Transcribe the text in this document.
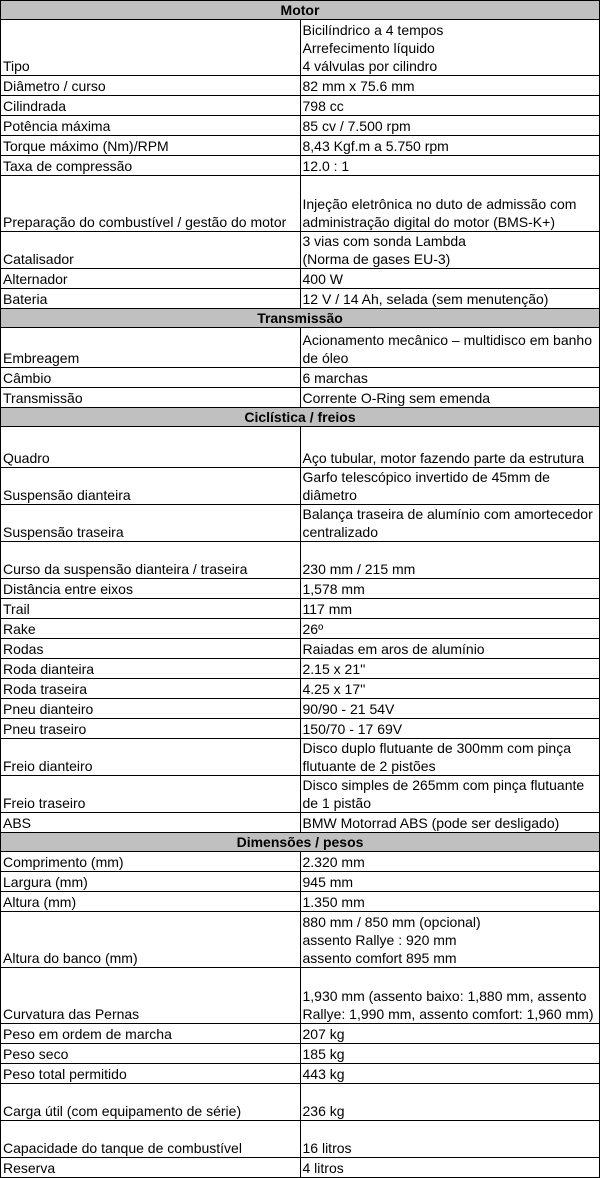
Motor	
Tipo	Bicilíndrico a 4 tempos
Arrefecimento líquido
4 válvulas por cilindro

Diâmetro / curso	82 mm x 75.6 mm

Cilindrada	798 cc

Potência máxima	85 cv / 7.500 rpm

Torque máximo (Nm)/RPM	8,43 Kgf.m a 5.750 rpm

Taxa de compressão	12.0 : 1

Preparação do combustível / gestão do motor	Injeção eletrônica no duto de admissão com administração digital do motor (BMS-K+)

Catalisador	3 vias com sonda Lambda
(Norma de gases EU-3)

Alternador	400 W

Bateria	12 V / 14 Ah, selada (sem menutenção)

Transmissão	
Embreagem	Acionamento mecânico – multidisco em banho de óleo

Câmbio	6 marchas

Transmissão	Corrente O-Ring sem emenda

Ciclística / freios	
Quadro	Aço tubular, motor fazendo parte da estrutura

Suspensão dianteira	Garfo telescópico invertido de 45mm de diâmetro

Suspensão traseira	Balança traseira de alumínio com amortecedor centralizado

Curso da suspensão dianteira / traseira	230 mm / 215 mm

Distância entre eixos	1,578 mm

Trail	117 mm

Rake	26º

Rodas	Raiadas em aros de alumínio

Roda dianteira	2.15 x 21''

Roda traseira	4.25 x 17''

Pneu dianteiro	90/90 - 21 54V

Pneu traseiro	150/70 - 17 69V

Freio dianteiro	Disco duplo flutuante de 300mm com pinça flutuante de 2 pistões

Freio traseiro	Disco simples de 265mm com pinça flutuante de 1 pistão

ABS	BMW Motorrad ABS (pode ser desligado)

Dimensões / pesos	
Comprimento (mm)	2.320 mm

Largura (mm)	945 mm

Altura (mm)	1.350 mm

Altura do banco (mm)	880 mm / 850 mm (opcional)
assento Rallye : 920 mm
assento comfort 895 mm

Curvatura das Pernas	1,930 mm (assento baixo: 1,880 mm, assento Rallye: 1,990 mm, assento comfort: 1,960 mm)

Peso em ordem de marcha	207 kg

Peso seco	185 kg

Peso total permitido	443 kg

Carga útil (com equipamento de série)	236 kg

Capacidade do tanque de combustível	16 litros

Reserva	4 litros
